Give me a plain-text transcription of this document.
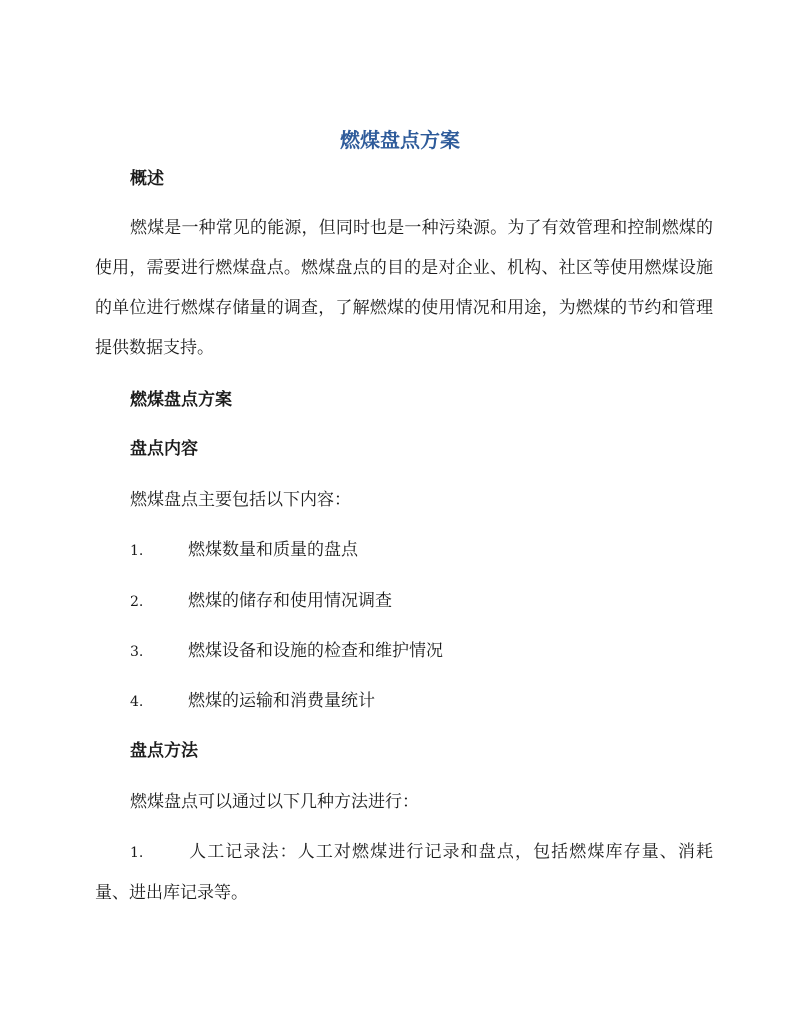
燃煤盘点方案
概述

燃煤是一种常见的能源，但同时也是一种污染源。为了有效管理和控制燃煤的使用，需要进行燃煤盘点。燃煤盘点的目的是对企业、机构、社区等使用燃煤设施的单位进行燃煤存储量的调查，了解燃煤的使用情况和用途，为燃煤的节约和管理提供数据支持。

燃煤盘点方案
盘点内容

燃煤盘点主要包括以下内容：

1.	燃煤数量和质量的盘点
2.	燃煤的储存和使用情况调查
3.	燃煤设备和设施的检查和维护情况
4.	燃煤的运输和消费量统计
盘点方法

燃煤盘点可以通过以下几种方法进行：

1.	人工记录法：人工对燃煤进行记录和盘点，包括燃煤库存量、消耗量、进出库记录等。
